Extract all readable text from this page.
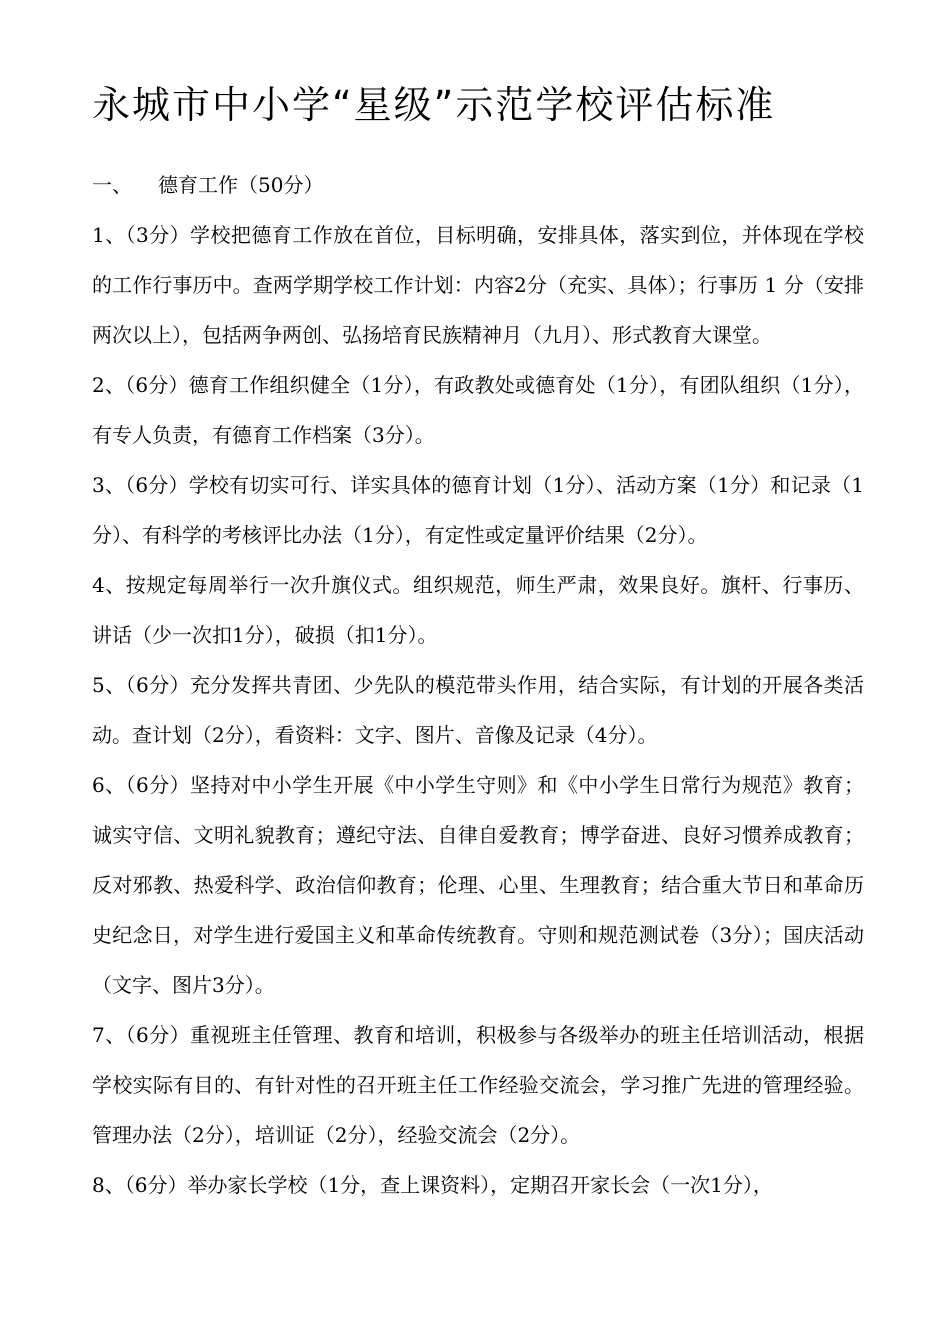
永城市中小学“星级”示范学校评估标准
一、 德育工作（50分）

1、（3分）学校把德育工作放在首位，目标明确，安排具体，落实到位，并体现在学校的工作行事历中。查两学期学校工作计划：内容2分（充实、具体）；行事历 1 分（安排两次以上），包括两争两创、弘扬培育民族精神月（九月）、形式教育大课堂。

2、（6分）德育工作组织健全（1分），有政教处或德育处（1分），有团队组织（1分），有专人负责，有德育工作档案（3分）。

3、（6分）学校有切实可行、详实具体的德育计划（1分）、活动方案（1分）和记录（1分）、有科学的考核评比办法（1分），有定性或定量评价结果（2分）。

4、按规定每周举行一次升旗仪式。组织规范，师生严肃，效果良好。旗杆、行事历、讲话（少一次扣1分），破损（扣1分）。

5、（6分）充分发挥共青团、少先队的模范带头作用，结合实际，有计划的开展各类活动。查计划（2分），看资料：文字、图片、音像及记录（4分）。

6、（6分）坚持对中小学生开展《中小学生守则》和《中小学生日常行为规范》教育；诚实守信、文明礼貌教育；遵纪守法、自律自爱教育；博学奋进、良好习惯养成教育；反对邪教、热爱科学、政治信仰教育；伦理、心里、生理教育；结合重大节日和革命历史纪念日，对学生进行爱国主义和革命传统教育。守则和规范测试卷（3分）；国庆活动（文字、图片3分）。

7、（6分）重视班主任管理、教育和培训，积极参与各级举办的班主任培训活动，根据学校实际有目的、有针对性的召开班主任工作经验交流会，学习推广先进的管理经验。管理办法（2分），培训证（2分），经验交流会（2分）。

8、（6分）举办家长学校（1分，查上课资料），定期召开家长会（一次1分），
